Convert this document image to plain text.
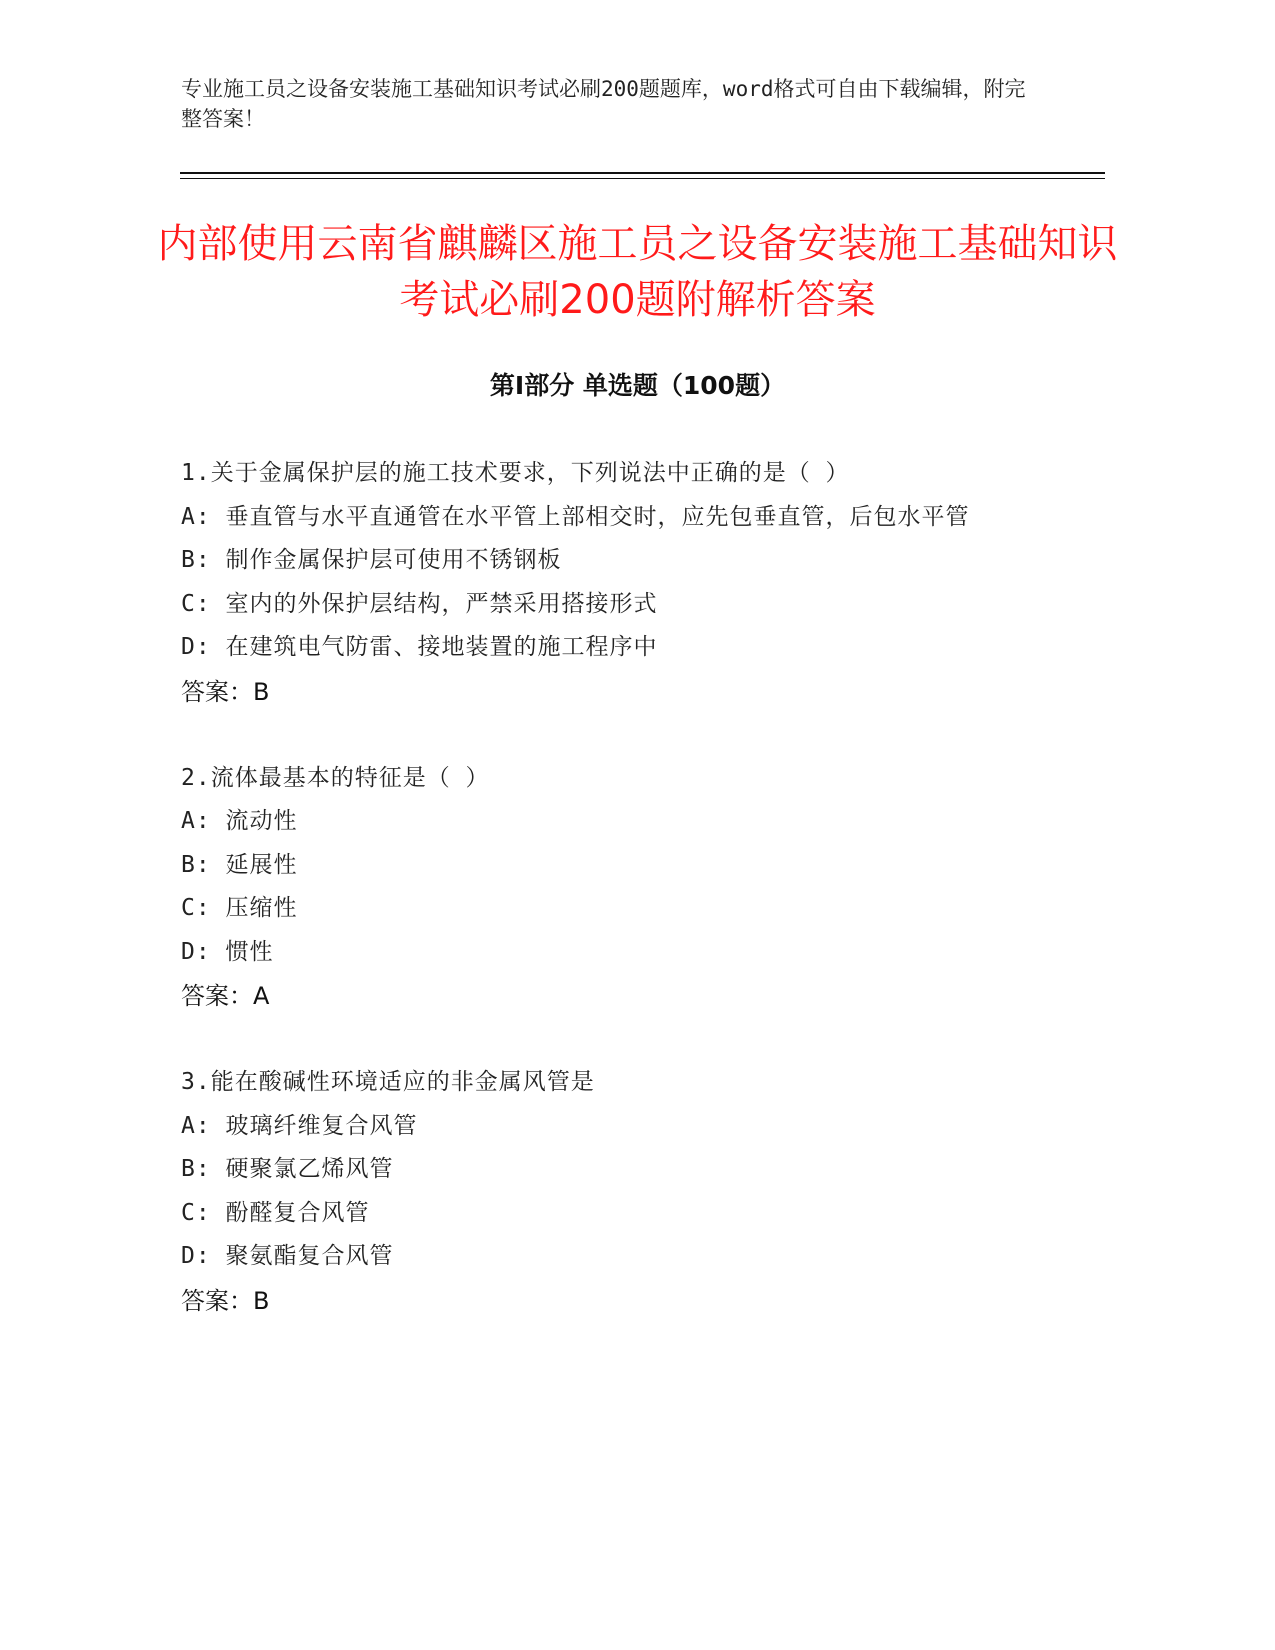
专业施工员之设备安装施工基础知识考试必刷200题题库，word格式可自由下载编辑，附完整答案！
内部使用云南省麒麟区施工员之设备安装施工基础知识考试必刷200题附解析答案
第Ⅰ部分 单选题（100题）
1.关于金属保护层的施工技术要求，下列说法中正确的是（ ）
A: 垂直管与水平直通管在水平管上部相交时，应先包垂直管，后包水平管
B: 制作金属保护层可使用不锈钢板
C: 室内的外保护层结构，严禁采用搭接形式
D: 在建筑电气防雷、接地装置的施工程序中
答案：B
2.流体最基本的特征是（ ）
A: 流动性
B: 延展性
C: 压缩性
D: 惯性
答案：A
3.能在酸碱性环境适应的非金属风管是
A: 玻璃纤维复合风管
B: 硬聚氯乙烯风管
C: 酚醛复合风管
D: 聚氨酯复合风管
答案：B
